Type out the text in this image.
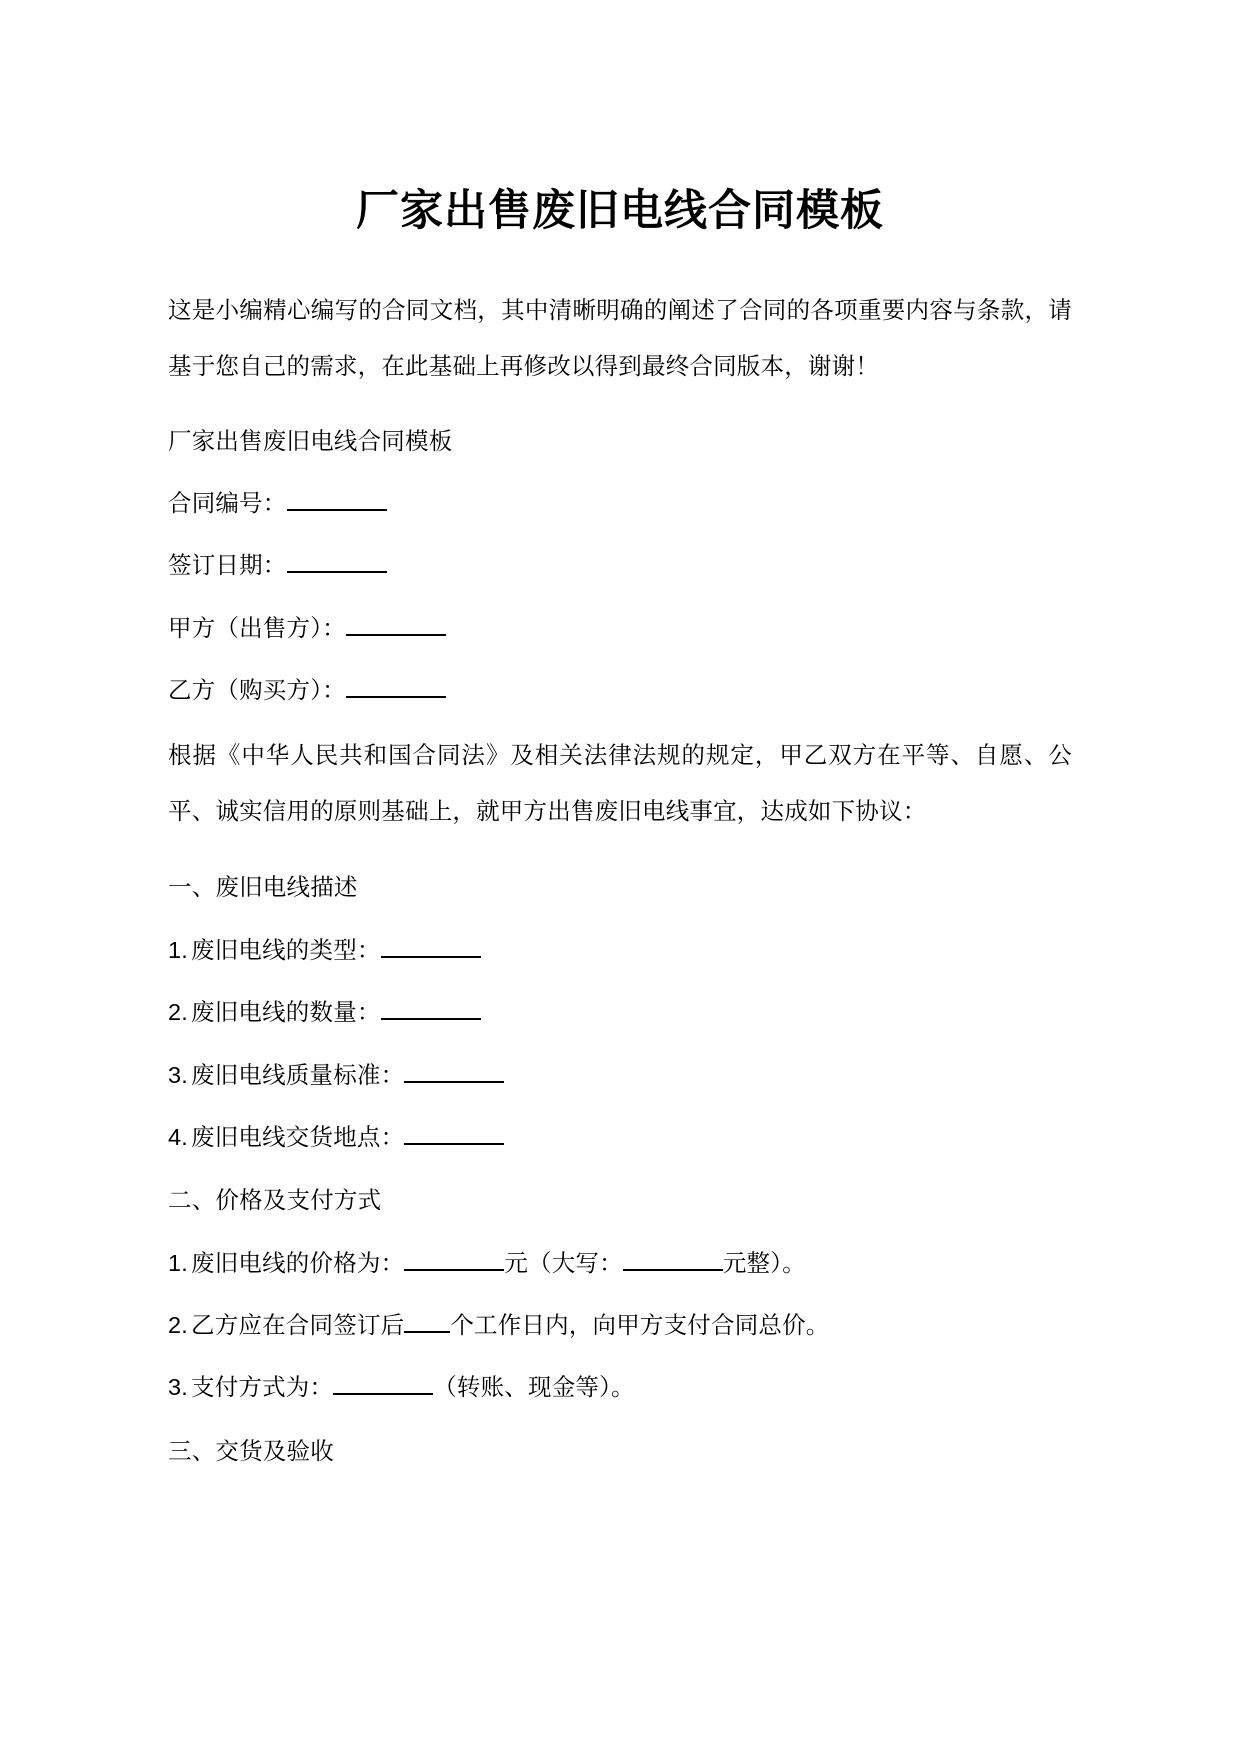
厂家出售废旧电线合同模板

这是小编精心编写的合同文档，其中清晰明确的阐述了合同的各项重要内容与条款，请基于您自己的需求，在此基础上再修改以得到最终合同版本，谢谢！

厂家出售废旧电线合同模板

合同编号：

签订日期：

甲方（出售方）：

乙方（购买方）：

根据《中华人民共和国合同法》及相关法律法规的规定，甲乙双方在平等、自愿、公平、诚实信用的原则基础上，就甲方出售废旧电线事宜，达成如下协议：

一、废旧电线描述

1. 废旧电线的类型：

2. 废旧电线的数量：

3. 废旧电线质量标准：

4. 废旧电线交货地点：

二、价格及支付方式

1. 废旧电线的价格为：	元（大写：	元整）。

2. 乙方应在合同签订后 个工作日内，向甲方支付合同总价。

3. 支付方式为：	（转账、现金等）。

三、交货及验收
